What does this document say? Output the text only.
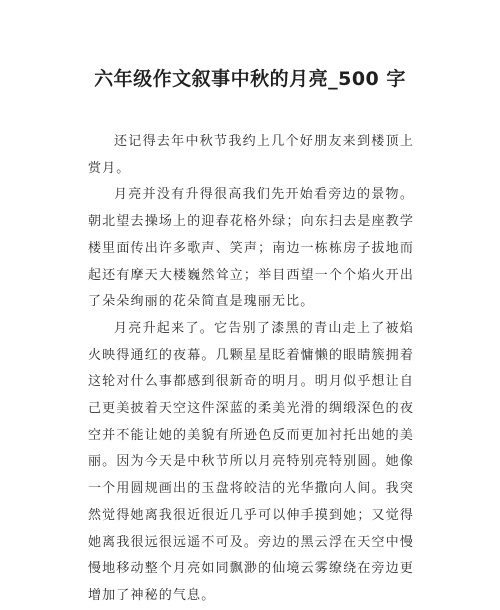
六年级作文叙事中秋的月亮_500 字

还记得去年中秋节我约上几个好朋友来到楼顶上赏月。

月亮并没有升得很高我们先开始看旁边的景物。朝北望去操场上的迎春花格外绿；向东扫去是座教学楼里面传出许多歌声、笑声；南边一栋栋房子拔地而起还有摩天大楼巍然耸立；举目西望一个个焰火开出了朵朵绚丽的花朵简直是瑰丽无比。

月亮升起来了。它告别了漆黑的青山走上了被焰火映得通红的夜幕。几颗星星眨着慵懒的眼睛簇拥着这轮对什么事都感到很新奇的明月。明月似乎想让自己更美披着天空这件深蓝的柔美光滑的绸缎深色的夜空并不能让她的美貌有所逊色反而更加衬托出她的美丽。因为今天是中秋节所以月亮特别亮特别圆。她像一个用圆规画出的玉盘将皎洁的光华撒向人间。我突然觉得她离我很近很近几乎可以伸手摸到她；又觉得她离我很远很远遥不可及。旁边的黑云浮在天空中慢慢地移动整个月亮如同飘渺的仙境云雾缭绕在旁边更增加了神秘的气息。
